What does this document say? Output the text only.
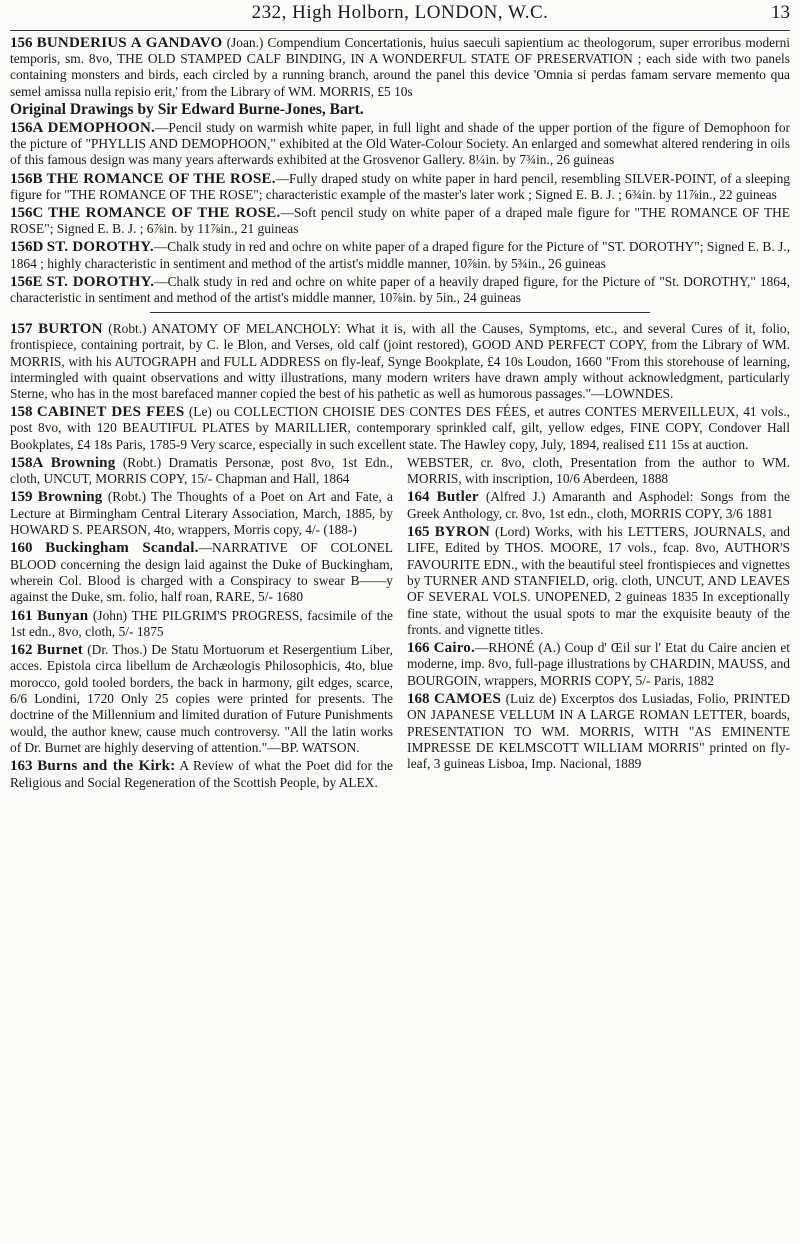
232, High Holborn, LONDON, W.C.	13

156 BUNDERIUS A GANDAVO (Joan.) Compendium Concertationis, huius saeculi sapientium ac theologorum, super erroribus moderni temporis, sm. 8vo, THE OLD STAMPED CALF BINDING, IN A WONDERFUL STATE OF PRESERVATION ; each side with two panels containing monsters and birds, each circled by a running branch, around the panel this device 'Omnia si perdas famam servare memento qua semel amissa nulla repisio erit,' from the Library of WM. MORRIS, £5 10s

Original Drawings by Sir Edward Burne-Jones, Bart.

156A DEMOPHOON.—Pencil study on warmish white paper, in full light and shade of the upper portion of the figure of Demophoon for the picture of "PHYLLIS AND DEMOPHOON," exhibited at the Old Water-Colour Society. An enlarged and somewhat altered rendering in oils of this famous design was many years afterwards exhibited at the Grosvenor Gallery. 8¼in. by 7¾in., 26 guineas

156B THE ROMANCE OF THE ROSE.—Fully draped study on white paper in hard pencil, resembling SILVER-POINT, of a sleeping figure for "THE ROMANCE OF THE ROSE"; characteristic example of the master's later work ; Signed E. B. J. ; 6¾in. by 11⅞in., 22 guineas

156C THE ROMANCE OF THE ROSE.—Soft pencil study on white paper of a draped male figure for "THE ROMANCE OF THE ROSE"; Signed E. B. J. ; 6⅞in. by 11⅞in., 21 guineas

156D ST. DOROTHY.—Chalk study in red and ochre on white paper of a draped figure for the Picture of "ST. DOROTHY"; Signed E. B. J., 1864 ; highly characteristic in sentiment and method of the artist's middle manner, 10⅞in. by 5¾in., 26 guineas

156E ST. DOROTHY.—Chalk study in red and ochre on white paper of a heavily draped figure, for the Picture of "St. DOROTHY," 1864, characteristic in sentiment and method of the artist's middle manner, 10⅞in. by 5in., 24 guineas

157 BURTON (Robt.) ANATOMY OF MELANCHOLY: What it is, with all the Causes, Symptoms, etc., and several Cures of it, folio, frontispiece, containing portrait, by C. le Blon, and Verses, old calf (joint restored), GOOD AND PERFECT COPY, from the Library of WM. MORRIS, with his AUTOGRAPH and FULL ADDRESS on fly-leaf, Synge Bookplate, £4 10s Loudon, 1660 "From this storehouse of learning, intermingled with quaint observations and witty illustrations, many modern writers have drawn amply without acknowledgment, particularly Sterne, who has in the most barefaced manner copied the best of his pathetic as well as humorous passages."—LOWNDES.

158 CABINET DES FEES (Le) ou COLLECTION CHOISIE DES CONTES DES FÉES, et autres CONTES MERVEILLEUX, 41 vols., post 8vo, with 120 BEAUTIFUL PLATES by MARILLIER, contemporary sprinkled calf, gilt, yellow edges, FINE COPY, Condover Hall Bookplates, £4 18s Paris, 1785-9 Very scarce, especially in such excellent state. The Hawley copy, July, 1894, realised £11 15s at auction.

158A Browning (Robt.) Dramatis Personæ, post 8vo, 1st Edn., cloth, UNCUT, MORRIS COPY, 15/- Chapman and Hall, 1864

159 Browning (Robt.) The Thoughts of a Poet on Art and Fate, a Lecture at Birmingham Central Literary Association, March, 1885, by HOWARD S. PEARSON, 4to, wrappers, Morris copy, 4/- (188-)

160 Buckingham Scandal.—NARRATIVE OF COLONEL BLOOD concerning the design laid against the Duke of Buckingham, wherein Col. Blood is charged with a Conspiracy to swear B——y against the Duke, sm. folio, half roan, RARE, 5/- 1680

161 Bunyan (John) THE PILGRIM'S PROGRESS, facsimile of the 1st edn., 8vo, cloth, 5/- 1875

162 Burnet (Dr. Thos.) De Statu Mortuorum et Resergentium Liber, acces. Epistola circa libellum de Archæologis Philosophicis, 4to, blue morocco, gold tooled borders, the back in harmony, gilt edges, scarce, 6/6 Londini, 1720 Only 25 copies were printed for presents. The doctrine of the Millennium and limited duration of Future Punishments would, the author knew, cause much controversy. "All the latin works of Dr. Burnet are highly deserving of attention."—BP. WATSON.

163 Burns and the Kirk: A Review of what the Poet did for the Religious and Social Regeneration of the Scottish People, by ALEX.

WEBSTER, cr. 8vo, cloth, Presentation from the author to WM. MORRIS, with inscription, 10/6 Aberdeen, 1888

164 Butler (Alfred J.) Amaranth and Asphodel: Songs from the Greek Anthology, cr. 8vo, 1st edn., cloth, MORRIS COPY, 3/6 1881

165 BYRON (Lord) Works, with his LETTERS, JOURNALS, and LIFE, Edited by THOS. MOORE, 17 vols., fcap. 8vo, AUTHOR'S FAVOURITE EDN., with the beautiful steel frontispieces and vignettes by TURNER AND STANFIELD, orig. cloth, UNCUT, AND LEAVES OF SEVERAL VOLS. UNOPENED, 2 guineas 1835 In exceptionally fine state, without the usual spots to mar the exquisite beauty of the fronts. and vignette titles.

166 Cairo.—RHONÉ (A.) Coup d' Œil sur l' Etat du Caire ancien et moderne, imp. 8vo, full-page illustrations by CHARDIN, MAUSS, and BOURGOIN, wrappers, MORRIS COPY, 5/- Paris, 1882

168 CAMOES (Luiz de) Excerptos dos Lusiadas, Folio, PRINTED ON JAPANESE VELLUM IN A LARGE ROMAN LETTER, boards, PRESENTATION TO WM. MORRIS, WITH "AS EMINENTE IMPRESSE DE KELMSCOTT WILLIAM MORRIS" printed on fly-leaf, 3 guineas Lisboa, Imp. Nacional, 1889
